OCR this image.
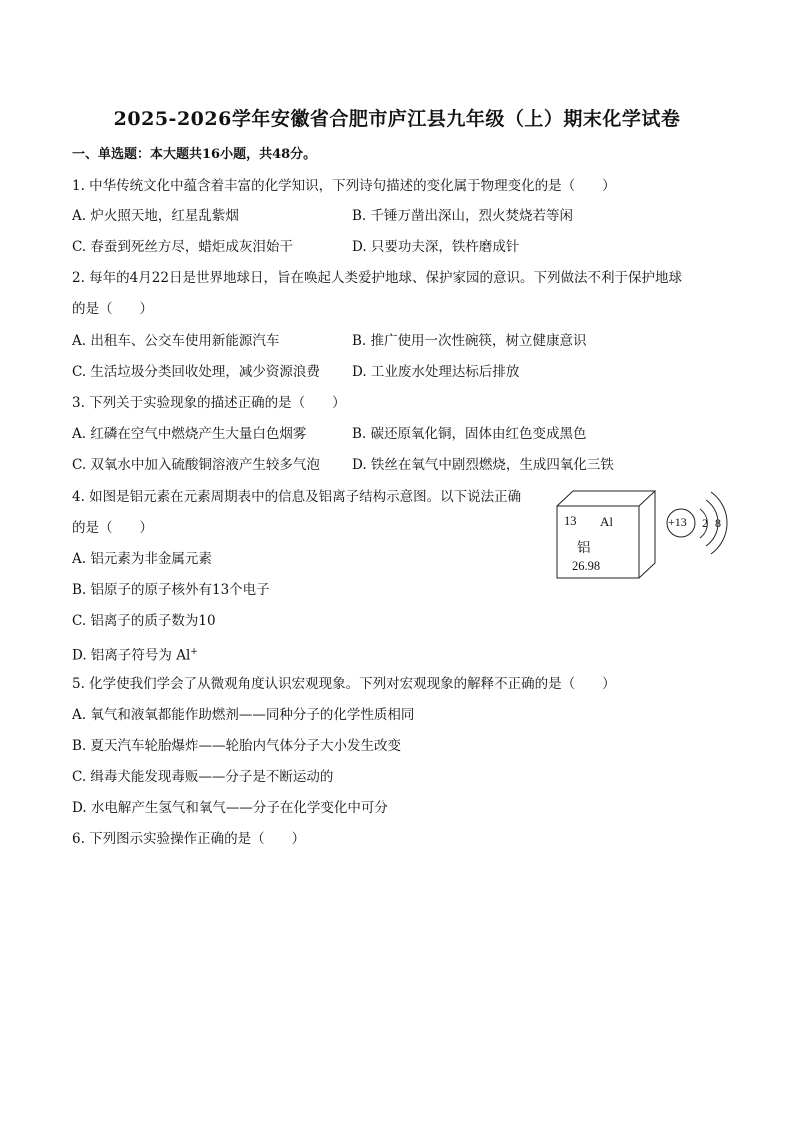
2025-2026学年安徽省合肥市庐江县九年级（上）期末化学试卷
一、单选题：本大题共16小题，共48分。
1. 中华传统文化中蕴含着丰富的化学知识，下列诗句描述的变化属于物理变化的是（　　）
A. 炉火照天地，红星乱紫烟	B. 千锤万凿出深山，烈火焚烧若等闲
C. 春蚕到死丝方尽，蜡炬成灰泪始干	D. 只要功夫深，铁杵磨成针
2. 每年的4月22日是世界地球日，旨在唤起人类爱护地球、保护家园的意识。下列做法不利于保护地球
的是（　　）
A. 出租车、公交车使用新能源汽车	B. 推广使用一次性碗筷，树立健康意识
C. 生活垃圾分类回收处理，减少资源浪费 D. 工业废水处理达标后排放
3. 下列关于实验现象的描述正确的是（　　）
A. 红磷在空气中燃烧产生大量白色烟雾	B. 碳还原氧化铜，固体由红色变成黑色
C. 双氧水中加入硫酸铜溶液产生较多气泡 D. 铁丝在氧气中剧烈燃烧，生成四氧化三铁
4. 如图是铝元素在元素周期表中的信息及铝离子结构示意图。以下说法正确
的是（　　）
A. 铝元素为非金属元素
B. 铝原子的原子核外有13个电子
C. 铝离子的质子数为10
D. 铝离子符号为 Al+
13 Al
铝
26.98
+13 2 8
5. 化学使我们学会了从微观角度认识宏观现象。下列对宏观现象的解释不正确的是（　　）
A. 氧气和液氧都能作助燃剂——同种分子的化学性质相同
B. 夏天汽车轮胎爆炸——轮胎内气体分子大小发生改变
C. 缉毒犬能发现毒贩——分子是不断运动的
D. 水电解产生氢气和氧气——分子在化学变化中可分
6. 下列图示实验操作正确的是（　　）
